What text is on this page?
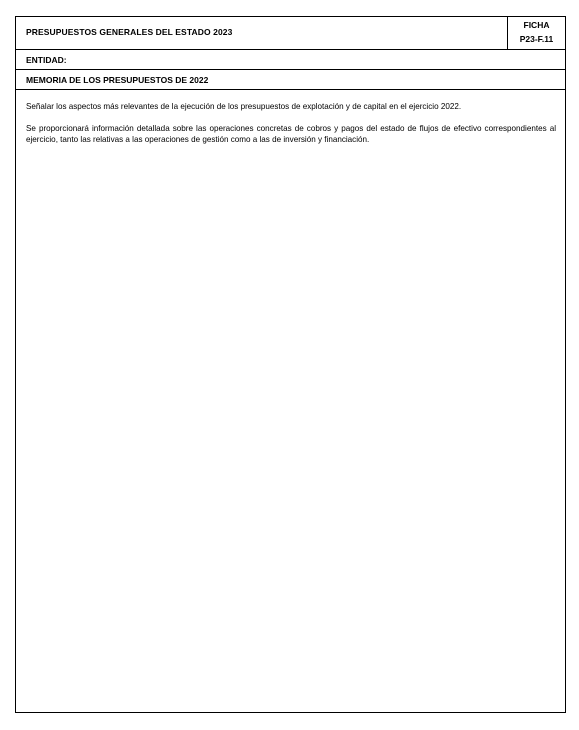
PRESUPUESTOS GENERALES DEL ESTADO 2023
FICHA
P23-F.11
ENTIDAD:
MEMORIA DE LOS PRESUPUESTOS DE 2022

Señalar los aspectos más relevantes de la ejecución de los presupuestos de explotación y de capital en el ejercicio 2022.

Se proporcionará información detallada sobre las operaciones concretas de cobros y pagos del estado de flujos de efectivo correspondientes al ejercicio, tanto las relativas a las operaciones de gestión como a las de inversión y financiación.
